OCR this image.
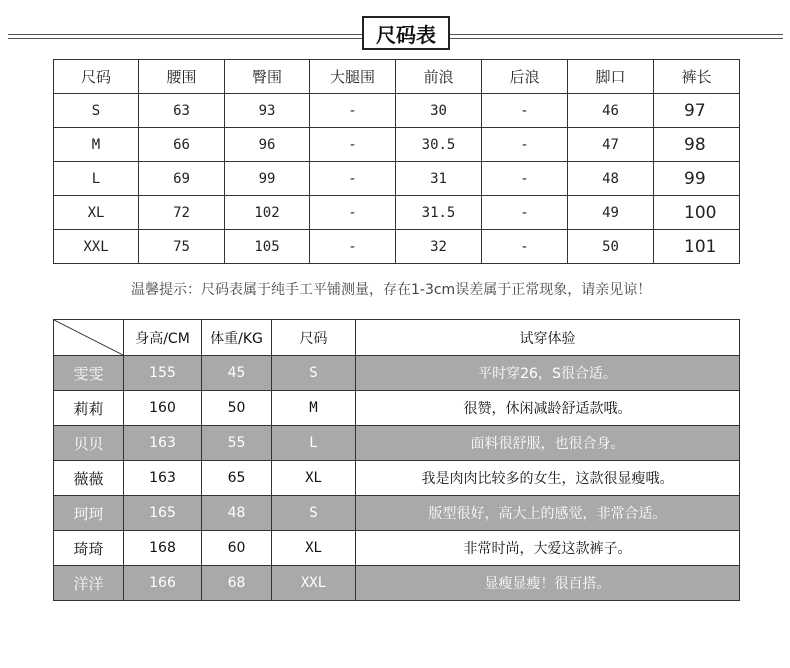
尺码表
尺码	腰围	臀围	大腿围	前浪	后浪	脚口	裤长
S	63	93	-	30	-	46	97
M	66	96	-	30.5	-	47	98
L	69	99	-	31	-	48	99
XL	72	102	-	31.5	-	49	100
XXL	75	105	-	32	-	50	101
温馨提示：尺码表属于纯手工平铺测量，存在1-3cm误差属于正常现象，请亲见谅！
	身高/CM	体重/KG	尺码	试穿体验
雯雯	155	45	S	平时穿26，S很合适。
莉莉	160	50	M	很赞，休闲减龄舒适款哦。
贝贝	163	55	L	面料很舒服，也很合身。
薇薇	163	65	XL	我是肉肉比较多的女生，这款很显瘦哦。
珂珂	165	48	S	版型很好，高大上的感觉，非常合适。
琦琦	168	60	XL	非常时尚，大爱这款裤子。
洋洋	166	68	XXL	显瘦显瘦！很百搭。
